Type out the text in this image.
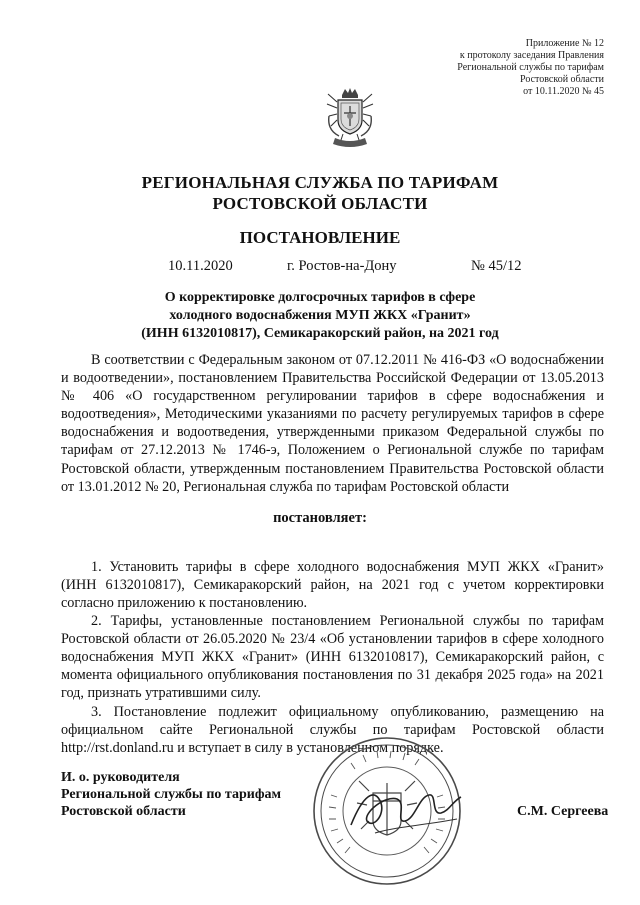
Приложение № 12
к протоколу заседания Правления
Региональной службы по тарифам
Ростовской области
от 10.11.2020 № 45
РЕГИОНАЛЬНАЯ СЛУЖБА ПО ТАРИФАМ
РОСТОВСКОЙ ОБЛАСТИ
ПОСТАНОВЛЕНИЕ
10.11.2020	г. Ростов-на-Дону	№ 45/12
О корректировке долгосрочных тарифов в сфере
холодного водоснабжения МУП ЖКХ «Гранит»
(ИНН 6132010817), Семикаракорский район, на 2021 год
В соответствии с Федеральным законом от 07.12.2011 № 416-ФЗ «О водоснабжении и водоотведении», постановлением Правительства Российской Федерации от 13.05.2013 № 406 «О государственном регулировании тарифов в сфере водоснабжения и водоотведения», Методическими указаниями по расчету регулируемых тарифов в сфере водоснабжения и водоотведения, утвержденными приказом Федеральной службы по тарифам от 27.12.2013 № 1746-э, Положением о Региональной службе по тарифам Ростовской области, утвержденным постановлением Правительства Ростовской области от 13.01.2012 № 20, Региональная служба по тарифам Ростовской области
постановляет:
1. Установить тарифы в сфере холодного водоснабжения МУП ЖКХ «Гранит» (ИНН 6132010817), Семикаракорский район, на 2021 год с учетом корректировки согласно приложению к постановлению.
2. Тарифы, установленные постановлением Региональной службы по тарифам Ростовской области от 26.05.2020 № 23/4 «Об установлении тарифов в сфере холодного водоснабжения МУП ЖКХ «Гранит» (ИНН 6132010817), Семикаракорский район, с момента официального опубликования постановления по 31 декабря 2025 года» на 2021 год, признать утратившими силу.
3. Постановление подлежит официальному опубликованию, размещению на официальном сайте Региональной службы по тарифам Ростовской области http://rst.donland.ru и вступает в силу в установленном порядке.
И. о. руководителя
Региональной службы по тарифам
Ростовской области	С.М. Сергеева
